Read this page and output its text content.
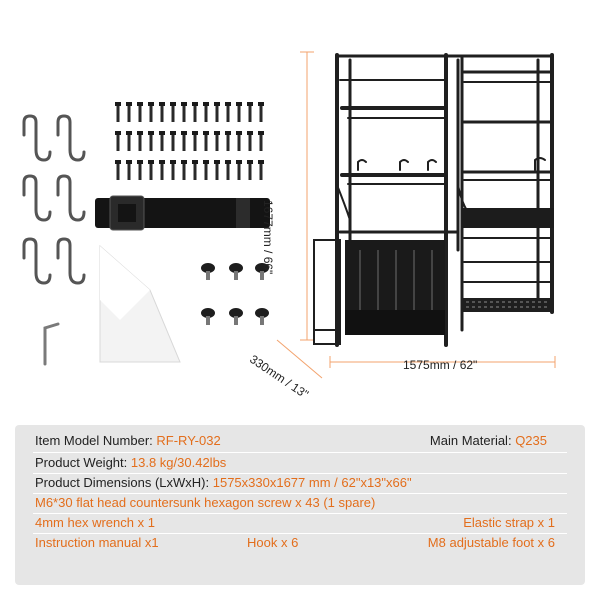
1677mm / 66"
330mm / 13"	1575mm / 62"
Item Model Number: RF-RY-032	Main Material: Q235
Product Weight: 13.8 kg/30.42lbs
Product Dimensions (LxWxH): 1575x330x1677 mm / 62"x13"x66"
M6*30 flat head countersunk hexagon screw x 43 (1 spare)
4mm hex wrench x 1	Elastic strap x 1
Instruction manual x1	Hook x 6	M8 adjustable foot x 6
